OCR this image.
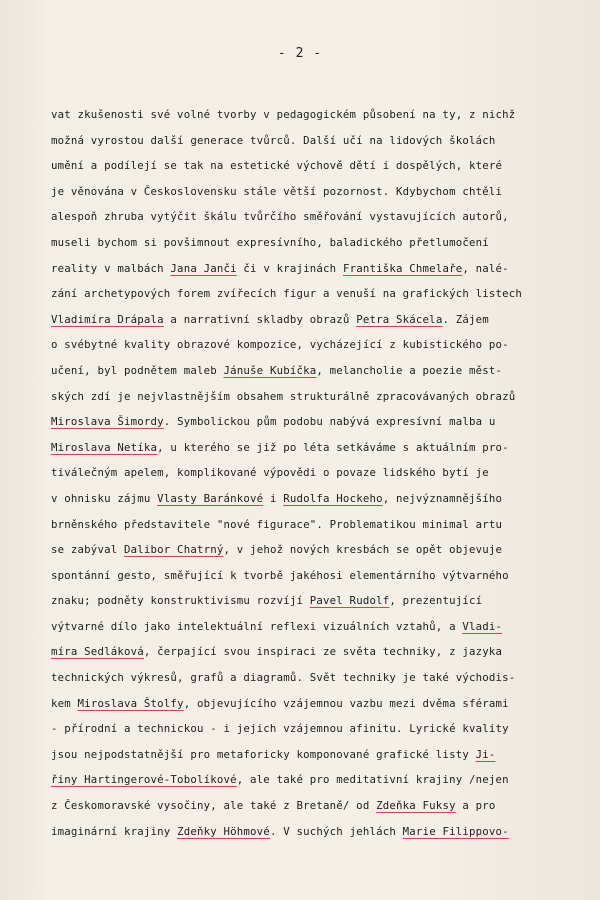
- 2 -
vat zkušenosti své volné tvorby v pedagogickém působení na ty, z nichž
možná vyrostou další generace tvůrců. Další učí na lidových školách
umění a podílejí se tak na estetické výchově dětí i dospělých, které
je věnována v Československu stále větší pozornost. Kdybychom chtěli
alespoň zhruba vytýčit škálu tvůrčího směřování vystavujících autorů,
museli bychom si povšimnout expresívního, baladického přetlumočení
reality v malbách Jana Janči či v krajinách Františka Chmelaře, nalé-
zání archetypových forem zvířecích figur a venuší na grafických listech
Vladimíra Drápala a narrativní skladby obrazů Petra Skácela. Zájem
o svébytné kvality obrazové kompozice, vycházející z kubistického po-
učení, byl podnětem maleb Jánuše Kubíčka, melancholie a poezie měst-
ských zdí je nejvlastnějším obsahem strukturálně zpracovávaných obrazů
Miroslava Šimordy. Symbolickou pům podobu nabývá expresívní malba u
Miroslava Netíka, u kterého se již po léta setkáváme s aktuálním pro-
tiválečným apelem, komplikované výpovědi o povaze lidského bytí je
v ohnisku zájmu Vlasty Baránkové i Rudolfa Hockeho, nejvýznamnějšího
brněnského představitele "nové figurace". Problematikou minimal artu
se zabýval Dalibor Chatrný, v jehož nových kresbách se opět objevuje
spontánní gesto, směřující k tvorbě jakéhosi elementárního výtvarného
znaku; podněty konstruktivismu rozvíjí Pavel Rudolf, prezentující
výtvarné dílo jako intelektuální reflexi vizuálních vztahů, a Vladi-
míra Sedláková, čerpající svou inspiraci ze světa techniky, z jazyka
technických výkresů, grafů a diagramů. Svět techniky je také východis-
kem Miroslava Štolfy, objevujícího vzájemnou vazbu mezi dvěma sférami
- přírodní a technickou - i jejich vzájemnou afinitu. Lyrické kvality
jsou nejpodstatnější pro metaforicky komponované grafické listy Ji-
řiny Hartingerové-Tobolíkové, ale také pro meditativní krajiny /nejen
z Českomoravské vysočiny, ale také z Bretaně/ od Zdeňka Fuksy a pro
imaginární krajiny Zdeňky Höhmové. V suchých jehlách Marie Filippovo-
